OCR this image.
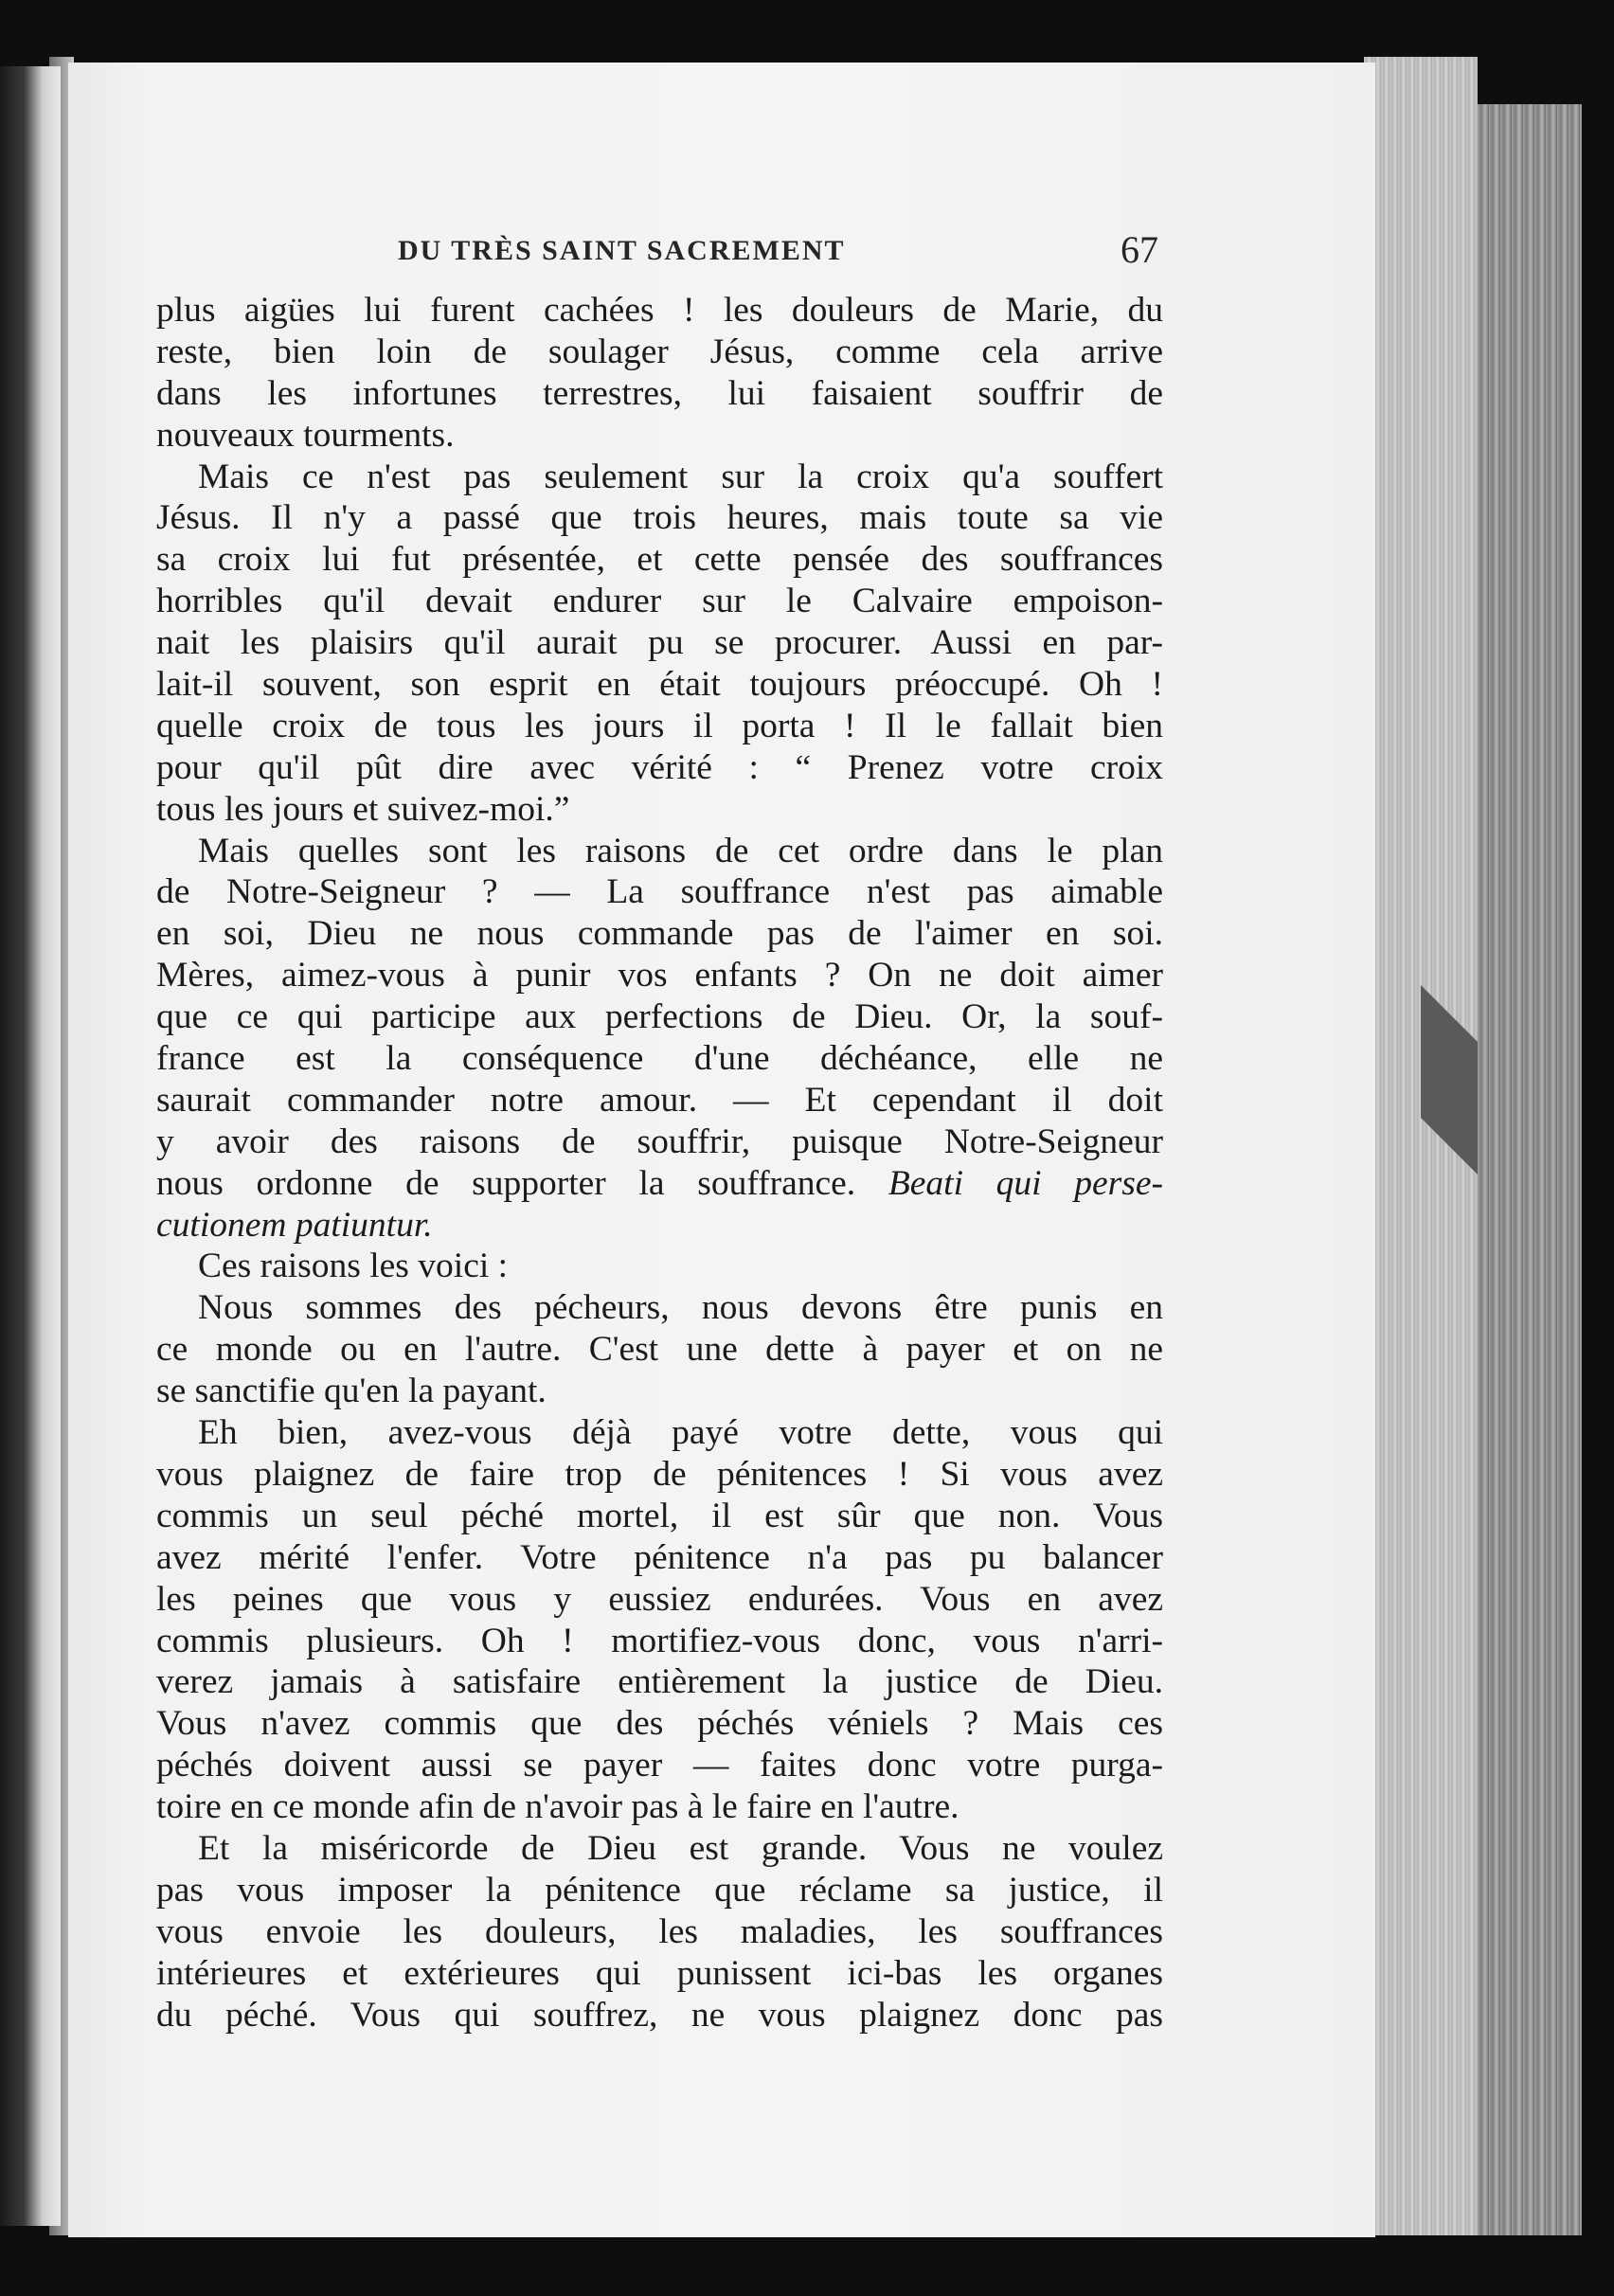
DU TRÈS SAINT SACREMENT	67
plus aigües lui furent cachées ! les douleurs de Marie, du
reste, bien loin de soulager Jésus, comme cela arrive
dans les infortunes terrestres, lui faisaient souffrir de
nouveaux tourments.
Mais ce n'est pas seulement sur la croix qu'a souffert
Jésus. Il n'y a passé que trois heures, mais toute sa vie
sa croix lui fut présentée, et cette pensée des souffrances
horribles qu'il devait endurer sur le Calvaire empoison-
nait les plaisirs qu'il aurait pu se procurer. Aussi en par-
lait-il souvent, son esprit en était toujours préoccupé. Oh !
quelle croix de tous les jours il porta ! Il le fallait bien
pour qu'il pût dire avec vérité : “ Prenez votre croix
tous les jours et suivez-moi.”
Mais quelles sont les raisons de cet ordre dans le plan
de Notre-Seigneur ? — La souffrance n'est pas aimable
en soi, Dieu ne nous commande pas de l'aimer en soi.
Mères, aimez-vous à punir vos enfants ? On ne doit aimer
que ce qui participe aux perfections de Dieu. Or, la souf-
france est la conséquence d'une déchéance, elle ne
saurait commander notre amour. — Et cependant il doit
y avoir des raisons de souffrir, puisque Notre-Seigneur
nous ordonne de supporter la souffrance. Beati qui perse-
cutionem patiuntur.
Ces raisons les voici :
Nous sommes des pécheurs, nous devons être punis en
ce monde ou en l'autre. C'est une dette à payer et on ne
se sanctifie qu'en la payant.
Eh bien, avez-vous déjà payé votre dette, vous qui
vous plaignez de faire trop de pénitences ! Si vous avez
commis un seul péché mortel, il est sûr que non. Vous
avez mérité l'enfer. Votre pénitence n'a pas pu balancer
les peines que vous y eussiez endurées. Vous en avez
commis plusieurs. Oh ! mortifiez-vous donc, vous n'arri-
verez jamais à satisfaire entièrement la justice de Dieu.
Vous n'avez commis que des péchés véniels ? Mais ces
péchés doivent aussi se payer — faites donc votre purga-
toire en ce monde afin de n'avoir pas à le faire en l'autre.
Et la miséricorde de Dieu est grande. Vous ne voulez
pas vous imposer la pénitence que réclame sa justice, il
vous envoie les douleurs, les maladies, les souffrances
intérieures et extérieures qui punissent ici-bas les organes
du péché. Vous qui souffrez, ne vous plaignez donc pas
